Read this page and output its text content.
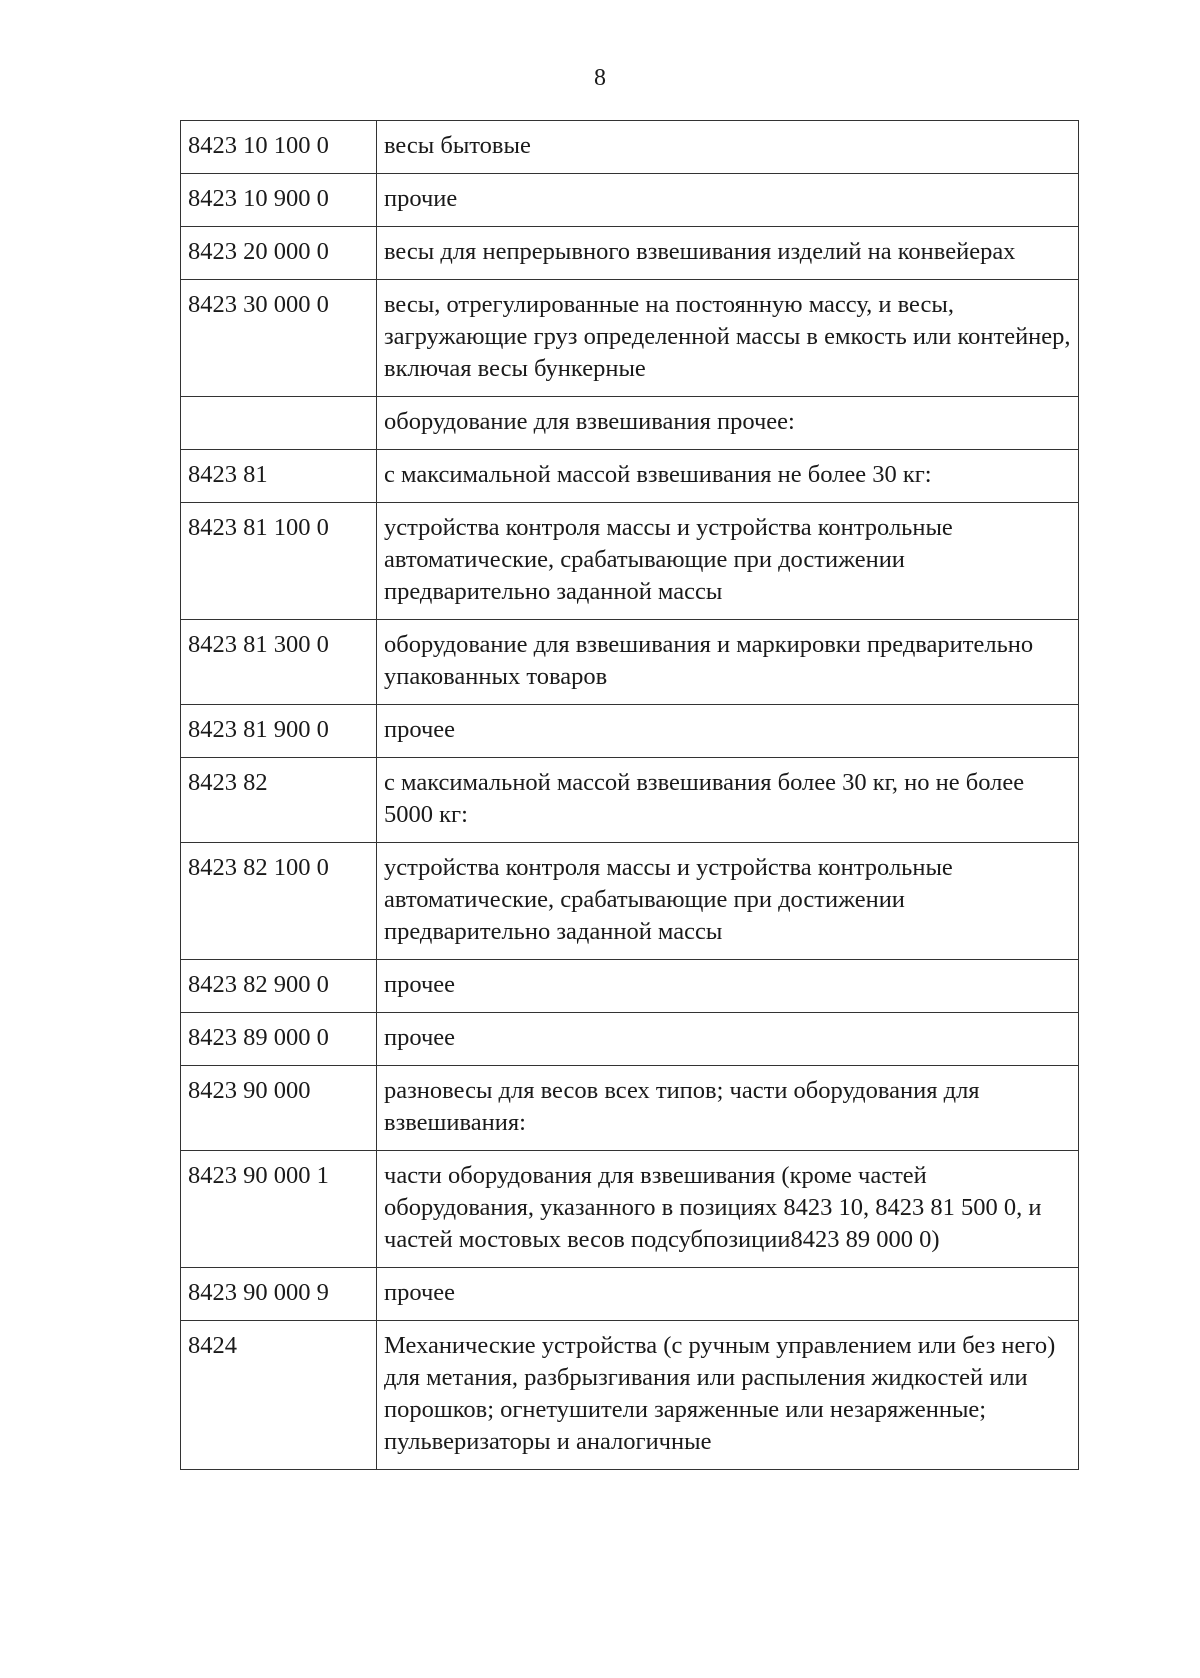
8
8423 10 100 0	весы бытовые
8423 10 900 0	прочие
8423 20 000 0	весы для непрерывного взвешивания изделий на конвейерах
8423 30 000 0	весы, отрегулированные на постоянную массу, и весы, загружающие груз определенной массы в емкость или контейнер, включая весы бункерные
	оборудование для взвешивания прочее:
8423 81	с максимальной массой взвешивания не более 30 кг:
8423 81 100 0	устройства контроля массы и устройства контрольные автоматические, срабатывающие при достижении предварительно заданной массы
8423 81 300 0	оборудование для взвешивания и маркировки предварительно упакованных товаров
8423 81 900 0	прочее
8423 82	с максимальной массой взвешивания более 30 кг, но не более 5000 кг:
8423 82 100 0	устройства контроля массы и устройства контрольные автоматические, срабатывающие при достижении предварительно заданной массы
8423 82 900 0	прочее
8423 89 000 0	прочее
8423 90 000	разновесы для весов всех типов; части оборудования для взвешивания:
8423 90 000 1	части оборудования для взвешивания (кроме частей оборудования, указанного в позициях 8423 10, 8423 81 500 0, и частей мостовых весов подсубпозиции8423 89 000 0)
8423 90 000 9	прочее
8424	Механические устройства (с ручным управлением или без него) для метания, разбрызгивания или распыления жидкостей или порошков; огнетушители заряженные или незаряженные; пульверизаторы и аналогичные
